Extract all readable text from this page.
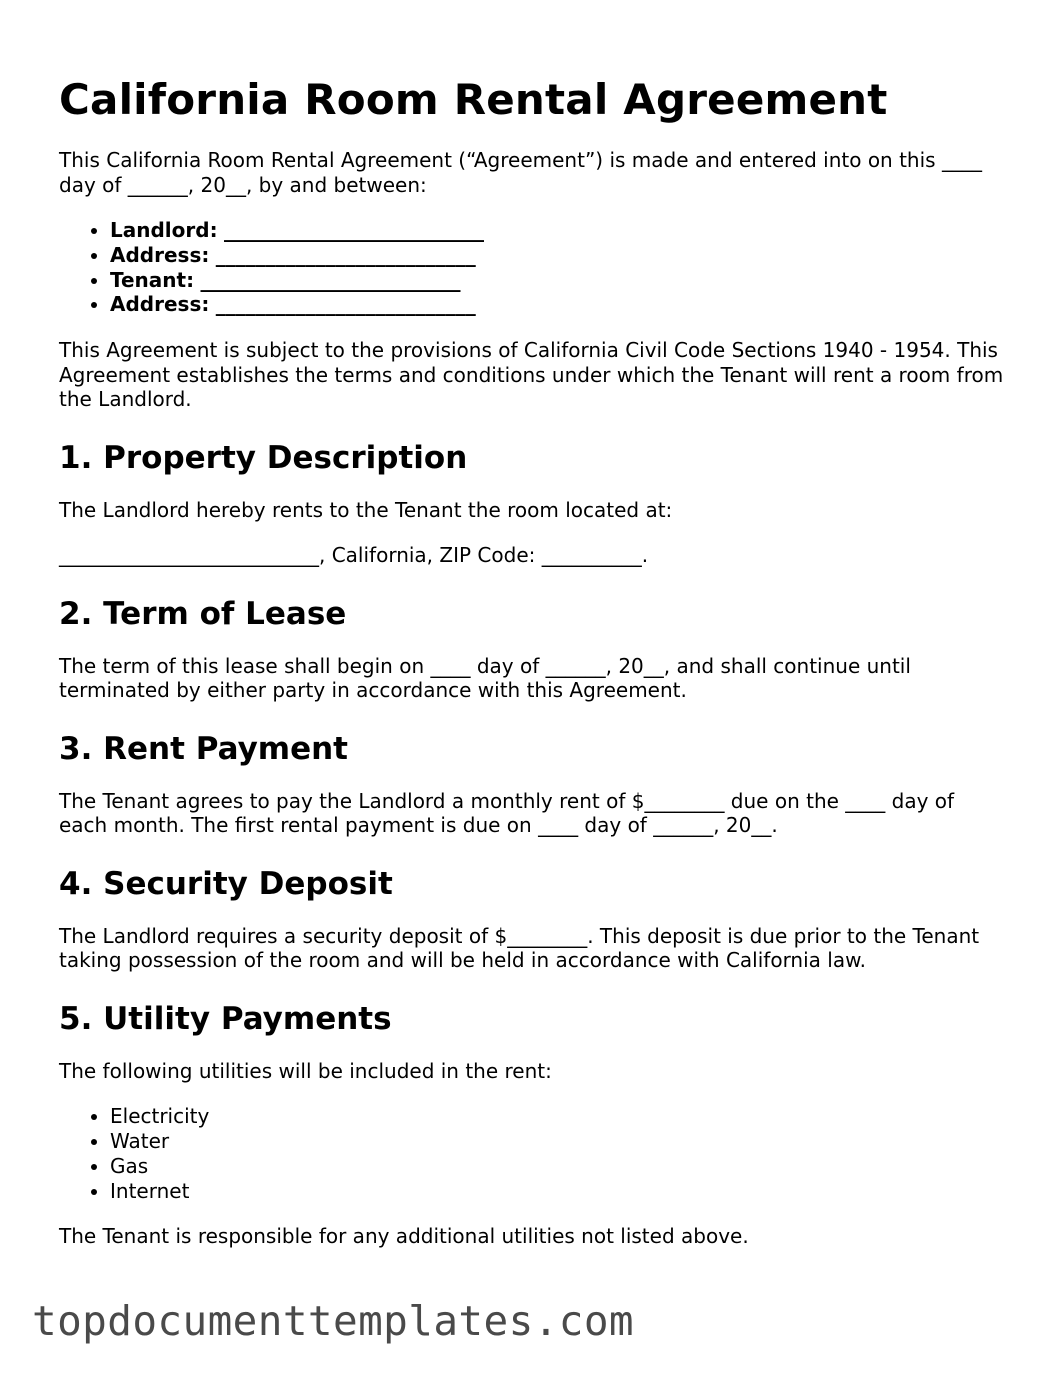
California Room Rental Agreement

This California Room Rental Agreement (“Agreement”) is made and entered into on this ____ day of ______, 20__, by and between:

• Landlord: __________________________
• Address: __________________________
• Tenant: __________________________
• Address: __________________________

This Agreement is subject to the provisions of California Civil Code Sections 1940 - 1954. This Agreement establishes the terms and conditions under which the Tenant will rent a room from the Landlord.

1. Property Description

The Landlord hereby rents to the Tenant the room located at:

__________________________, California, ZIP Code: __________.

2. Term of Lease

The term of this lease shall begin on ____ day of ______, 20__, and shall continue until terminated by either party in accordance with this Agreement.

3. Rent Payment

The Tenant agrees to pay the Landlord a monthly rent of $________ due on the ____ day of each month. The first rental payment is due on ____ day of ______, 20__.

4. Security Deposit

The Landlord requires a security deposit of $________. This deposit is due prior to the Tenant taking possession of the room and will be held in accordance with California law.

5. Utility Payments

The following utilities will be included in the rent:

• Electricity
• Water
• Gas
• Internet

The Tenant is responsible for any additional utilities not listed above.

topdocumenttemplates.com
